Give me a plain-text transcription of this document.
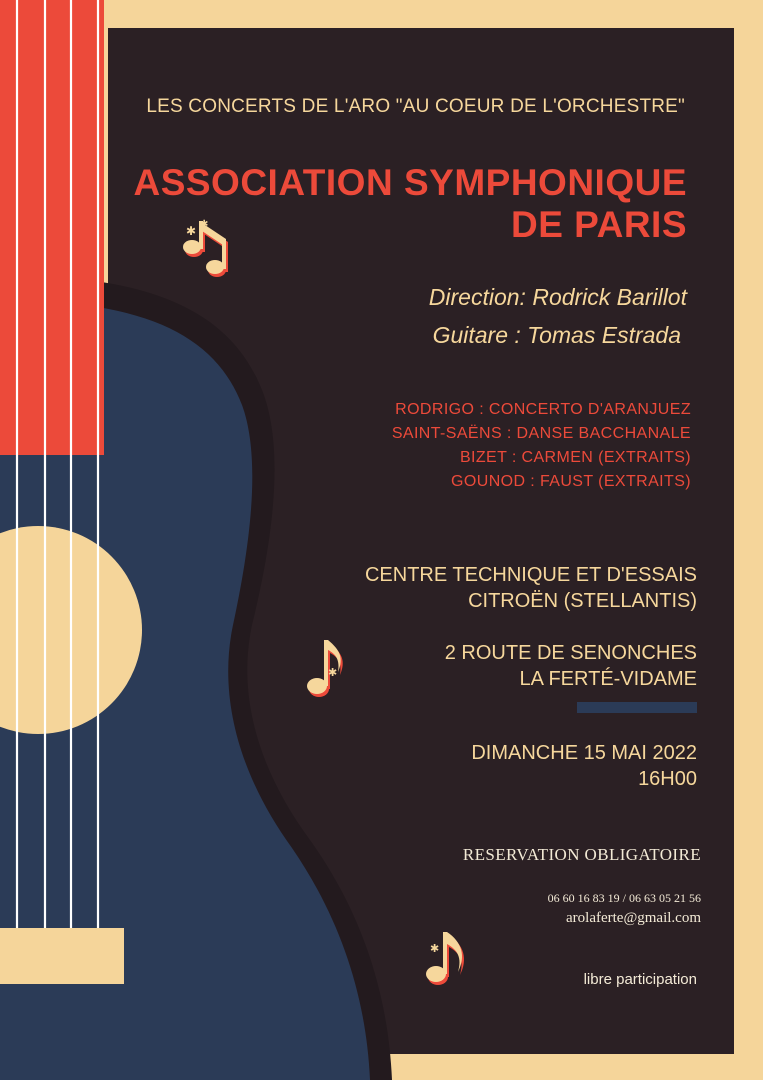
✱ ✱
✱
✱

LES CONCERTS DE L'ARO "AU COEUR DE L'ORCHESTRE"

ASSOCIATION SYMPHONIQUE
DE PARIS

Direction: Rodrick Barillot

Guitare : Tomas Estrada

RODRIGO : CONCERTO D'ARANJUEZ
SAINT-SAËNS : DANSE BACCHANALE
BIZET : CARMEN (EXTRAITS)
GOUNOD : FAUST (EXTRAITS)
CENTRE TECHNIQUE ET D'ESSAIS
CITROËN (STELLANTIS)
2 ROUTE DE SENONCHES
LA FERTÉ-VIDAME
DIMANCHE 15 MAI 2022
16H00

RESERVATION OBLIGATOIRE

06 60 16 83 19 / 06 63 05 21 56

arolaferte@gmail.com

libre participation
